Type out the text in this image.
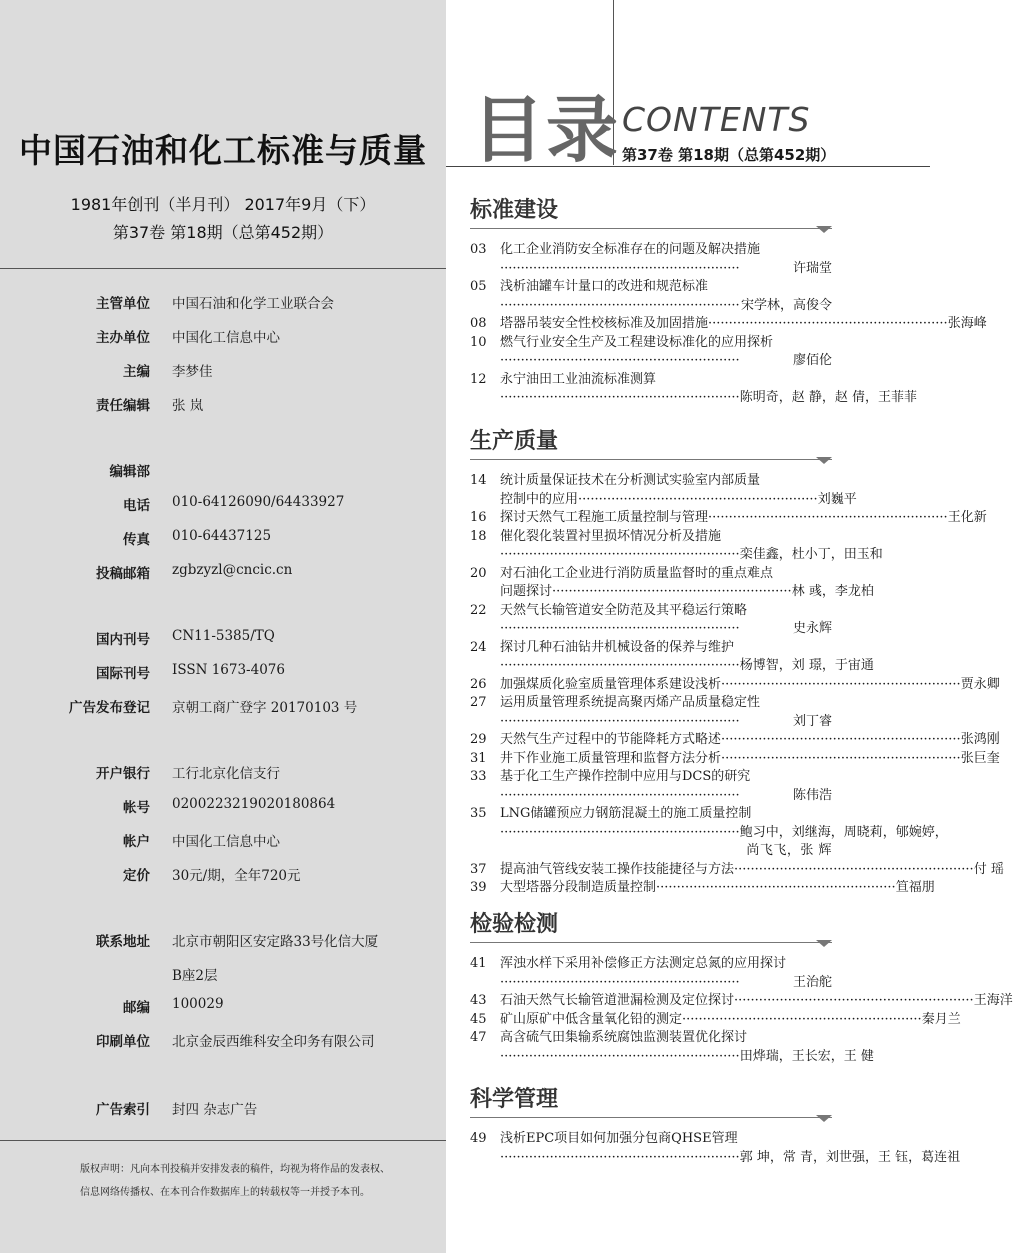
中国石油和化工标准与质量
1981年创刊（半月刊） 2017年9月（下）
第37卷 第18期（总第452期）
主管单位 中国石油和化学工业联合会
主办单位 中国化工信息中心
主编 李梦佳
责任编辑 张 岚
编辑部
电话 010-64126090/64433927
传真 010-64437125
投稿邮箱 zgbzyzl@cncic.cn
国内刊号 CN11-5385/TQ
国际刊号 ISSN 1673-4076
广告发布登记 京朝工商广登字 20170103 号
开户银行 工行北京化信支行
帐号 0200223219020180864
帐户 中国化工信息中心
定价 30元/期，全年720元
联系地址 北京市朝阳区安定路33号化信大厦
B座2层
邮编 100029
印刷单位 北京金辰西维科安全印务有限公司
广告索引 封四 杂志广告
版权声明：凡向本刊投稿并安排发表的稿件，均视为将作品的发表权、
信息网络传播权、在本刊合作数据库上的转载权等一并授予本刊。
目录 CONTENTS
第37卷 第18期（总第452期）
标准建设
03	化工企业消防安全标准存在的问题及解决措施
··························································	许瑞堂
05	浅析油罐车计量口的改进和规范标准
·························································· 宋学林，高俊令
08	塔器吊装安全性校核标准及加固措施 ·························································· 张海峰
10	燃气行业安全生产及工程建设标准化的应用探析
··························································	廖佰伦
12	永宁油田工业油流标准测算
·························································· 陈明奇，赵 静，赵 倩，王菲菲
生产质量
14	统计质量保证技术在分析测试实验室内部质量
控制中的应用 ·························································· 刘巍平
16	探讨天然气工程施工质量控制与管理 ·························································· 王化新
18	催化裂化装置衬里损坏情况分析及措施
·························································· 栾佳鑫，杜小丁，田玉和
20	对石油化工企业进行消防质量监督时的重点难点
问题探讨 ·························································· 林 彧，李龙柏
22	天然气长输管道安全防范及其平稳运行策略
··························································	史永辉
24	探讨几种石油钻井机械设备的保养与维护
·························································· 杨博智，刘 璟，于宙通
26	加强煤质化验室质量管理体系建设浅析 ·························································· 贾永卿
27	运用质量管理系统提高聚丙烯产品质量稳定性
··························································	刘丁睿
29	天然气生产过程中的节能降耗方式略述 ·························································· 张鸿刚
31	井下作业施工质量管理和监督方法分析 ·························································· 张巨奎
33	基于化工生产操作控制中应用与DCS的研究
··························································	陈伟浩
35	LNG储罐预应力钢筋混凝土的施工质量控制
·························································· 鲍习中，刘继海，周晓莉，郇婉婷，
尚飞飞，张 辉
37	提高油气管线安装工操作技能捷径与方法 ·························································· 付 瑶
39	大型塔器分段制造质量控制 ·························································· 笪福朋
检验检测
41	浑浊水样下采用补偿修正方法测定总氮的应用探讨
··························································	王治舵
43	石油天然气长输管道泄漏检测及定位探讨 ·························································· 王海洋
45	矿山原矿中低含量氧化铅的测定 ·························································· 秦月兰
47	高含硫气田集输系统腐蚀监测装置优化探讨
·························································· 田烨瑞，王长宏，王 健
科学管理
49	浅析EPC项目如何加强分包商QHSE管理
·························································· 郭 坤，常 青，刘世强，王 钰，葛连祖
